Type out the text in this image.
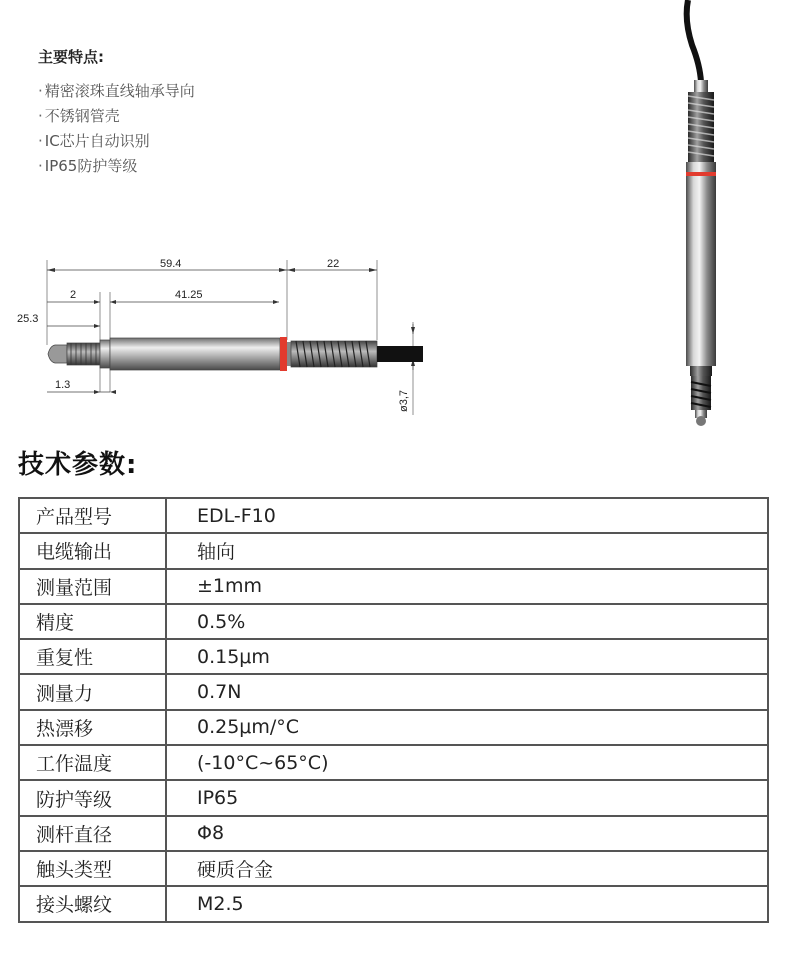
主要特点:
· 精密滚珠直线轴承导向
· 不锈钢管壳
· IC芯片自动识别
· IP65防护等级
59.4	22
2	41.25
25.3
1.3
ø3,7
技术参数:
产品型号	EDL-F10
电缆输出	轴向
测量范围	±1mm
精度	0.5%
重复性	0.15μm
测量力	0.7N
热漂移	0.25μm/°C
工作温度	(-10°C~65°C)
防护等级	IP65
测杆直径	Φ8
触头类型	硬质合金
接头螺纹	M2.5
